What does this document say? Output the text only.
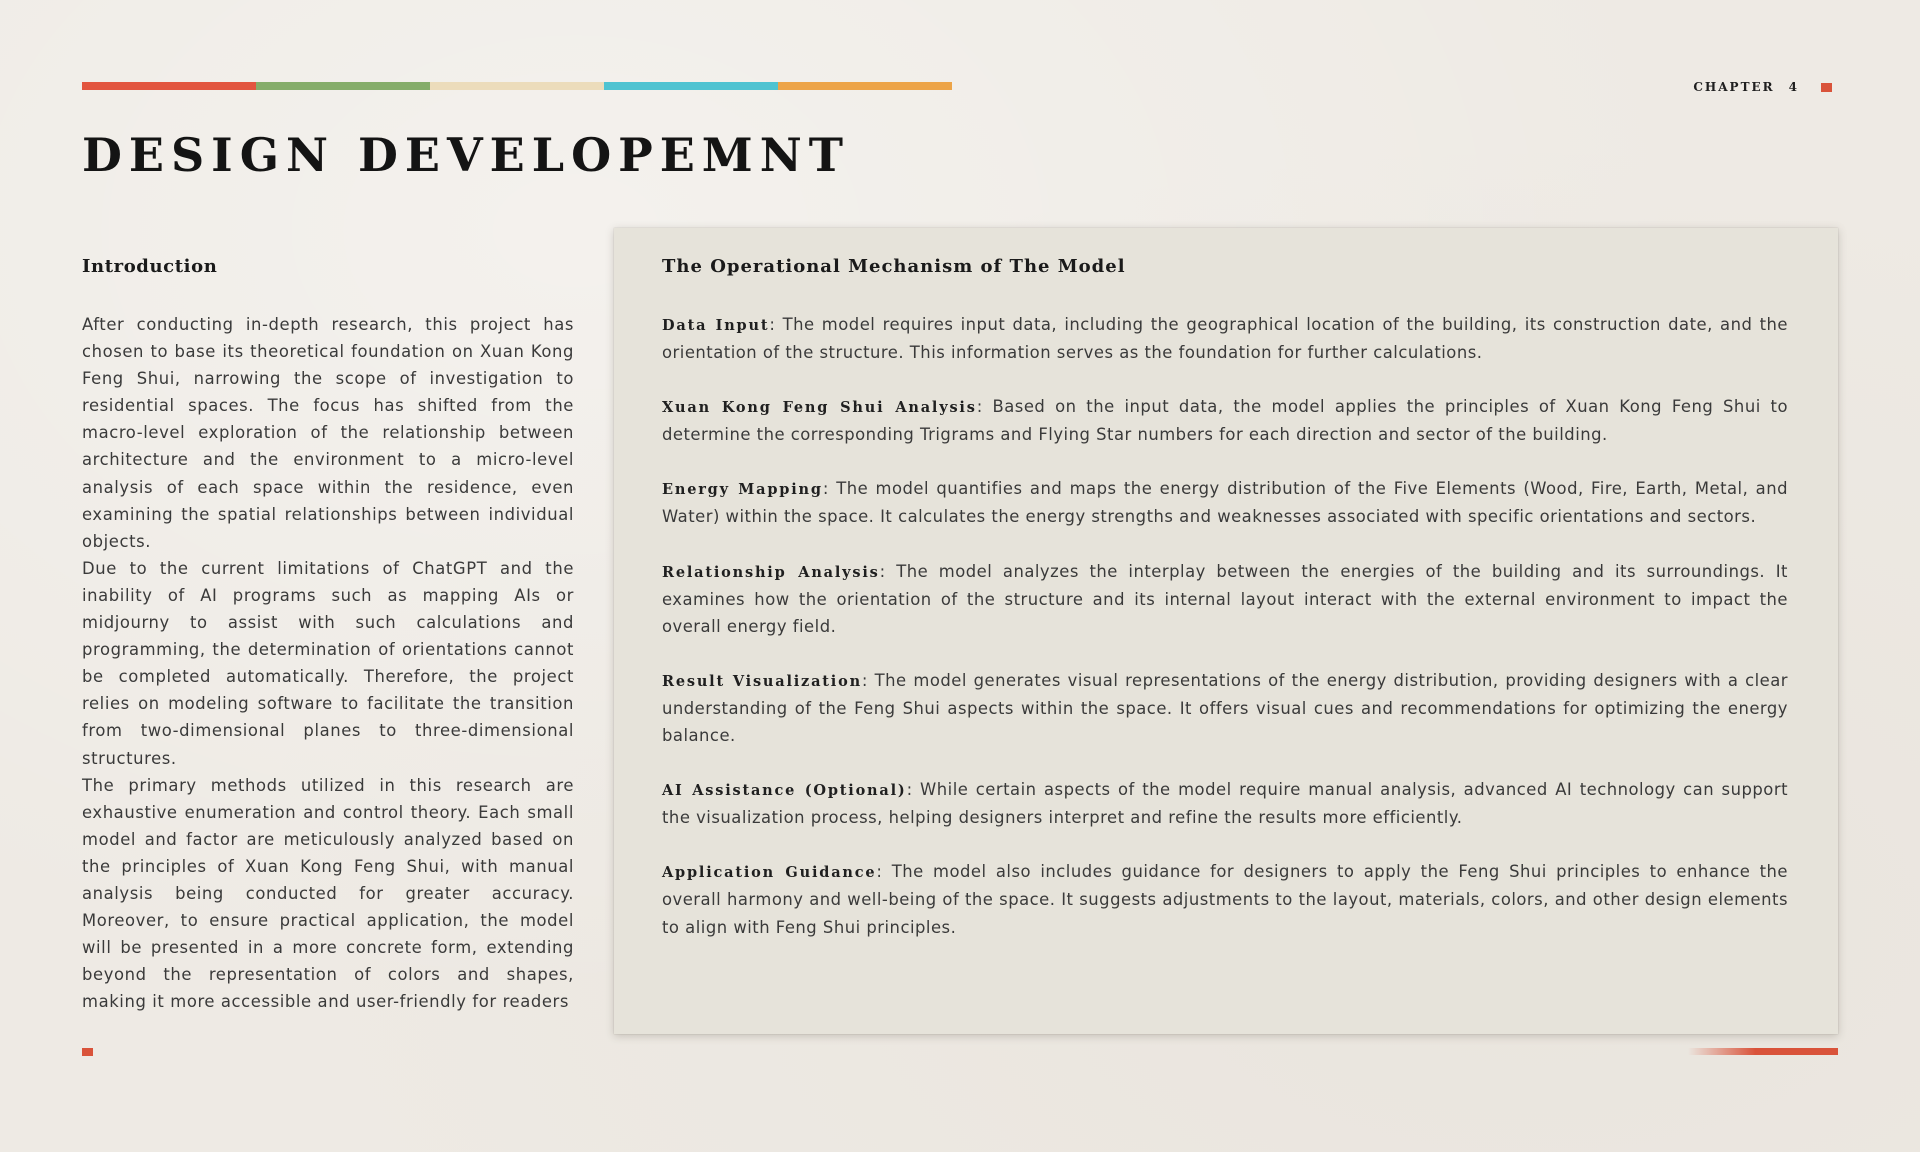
CHAPTER 4
DESIGN DEVELOPEMNT
Introduction

After conducting in-depth research, this project has chosen to base its theoretical foundation on Xuan Kong Feng Shui, narrowing the scope of investigation to residential spaces. The focus has shifted from the macro-level exploration of the relationship between architecture and the environment to a micro-level analysis of each space within the residence, even examining the spatial relationships between individual objects.

Due to the current limitations of ChatGPT and the inability of AI programs such as mapping AIs or midjourny to assist with such calculations and programming, the determination of orientations cannot be completed automatically. Therefore, the project relies on modeling software to facilitate the transition from two-dimensional planes to three-dimensional structures.

The primary methods utilized in this research are exhaustive enumeration and control theory. Each small model and factor are meticulously analyzed based on the principles of Xuan Kong Feng Shui, with manual analysis being conducted for greater accuracy. Moreover, to ensure practical application, the model will be presented in a more concrete form, extending beyond the representation of colors and shapes, making it more accessible and user-friendly for readers

The Operational Mechanism of The Model
Data Input: The model requires input data, including the geographical location of the building, its construction date, and the orientation of the structure. This information serves as the foundation for further calculations.
Xuan Kong Feng Shui Analysis: Based on the input data, the model applies the principles of Xuan Kong Feng Shui to determine the corresponding Trigrams and Flying Star numbers for each direction and sector of the building.
Energy Mapping: The model quantifies and maps the energy distribution of the Five Elements (Wood, Fire, Earth, Metal, and Water) within the space. It calculates the energy strengths and weaknesses associated with specific orientations and sectors.
Relationship Analysis: The model analyzes the interplay between the energies of the building and its surroundings. It examines how the orientation of the structure and its internal layout interact with the external environment to impact the overall energy field.
Result Visualization: The model generates visual representations of the energy distribution, providing designers with a clear understanding of the Feng Shui aspects within the space. It offers visual cues and recommendations for optimizing the energy balance.
AI Assistance (Optional): While certain aspects of the model require manual analysis, advanced AI technology can support the visualization process, helping designers interpret and refine the results more efficiently.
Application Guidance: The model also includes guidance for designers to apply the Feng Shui principles to enhance the overall harmony and well-being of the space. It suggests adjustments to the layout, materials, colors, and other design elements to align with Feng Shui principles.
